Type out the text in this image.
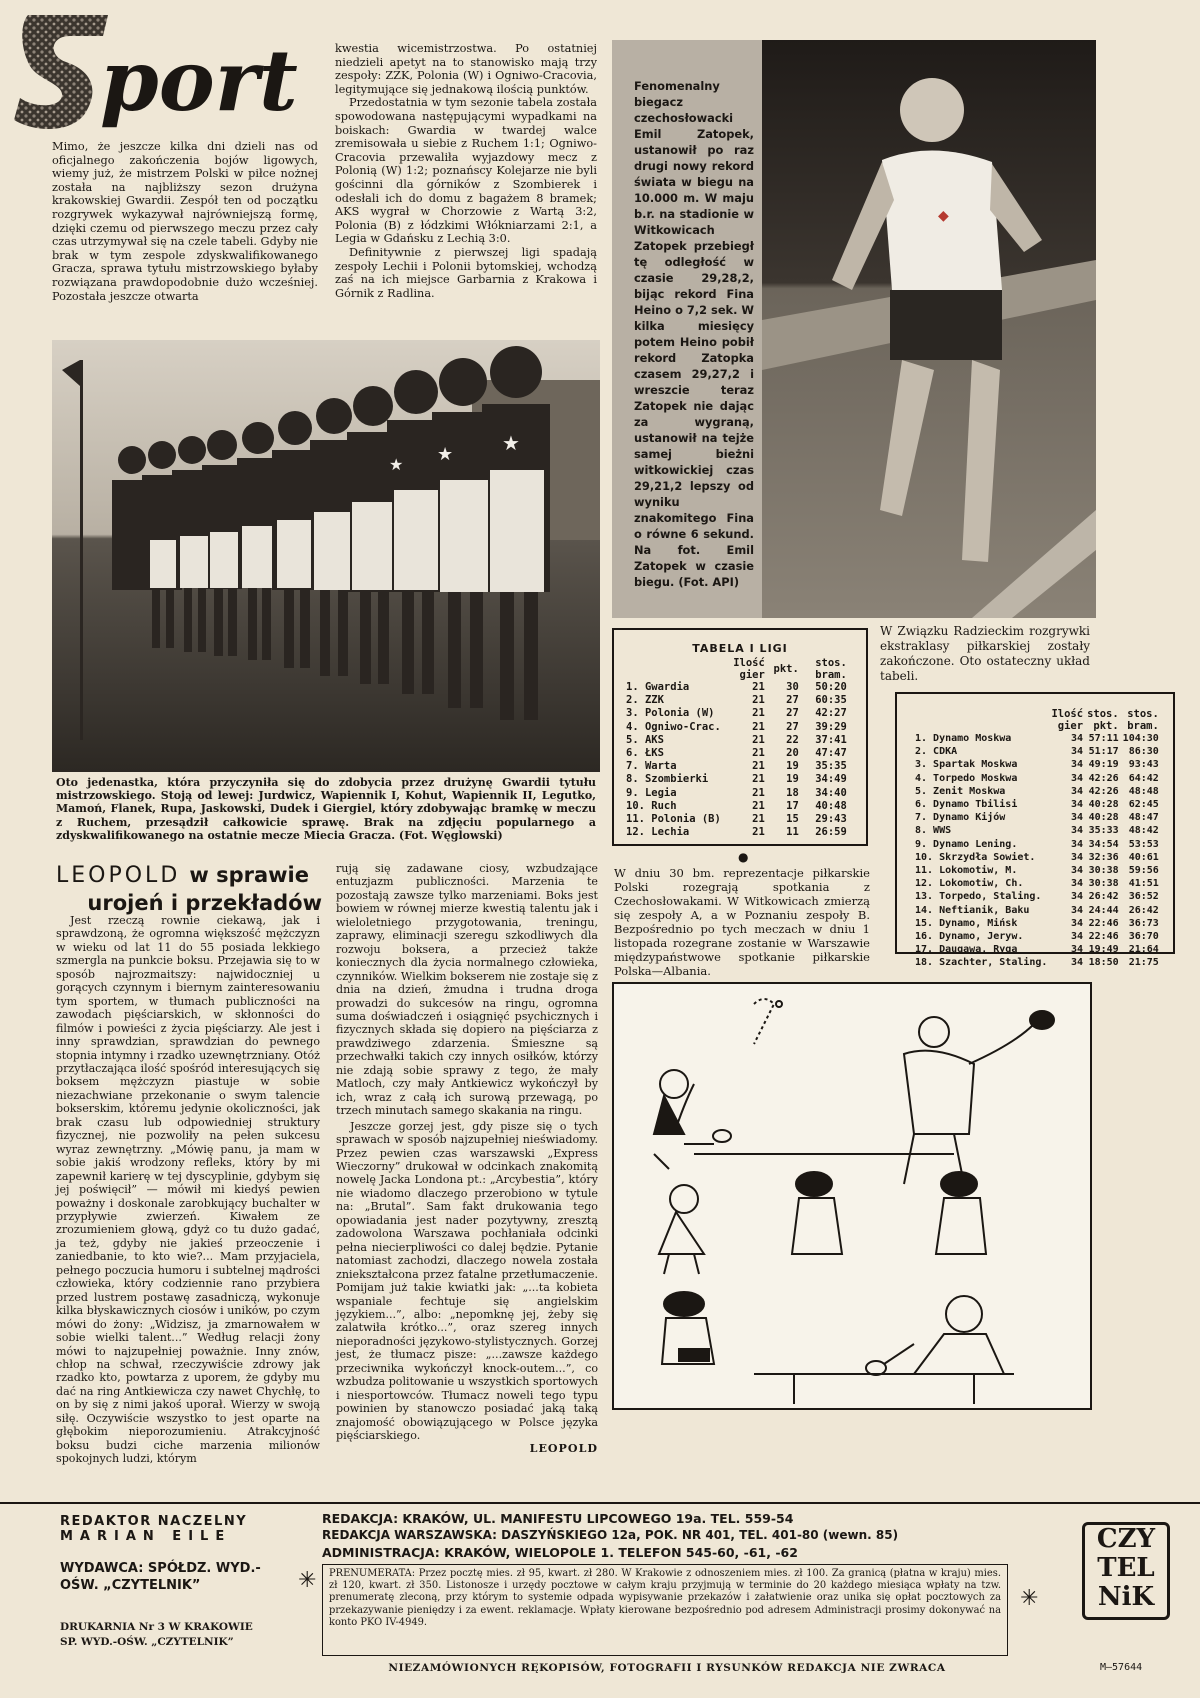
port
Mimo, że jeszcze kilka dni dzieli nas od oficjalnego zakończenia bojów ligowych, wiemy już, że mistrzem Polski w piłce nożnej została na najbliższy sezon drużyna krakowskiej Gwardii. Zespół ten od początku rozgrywek wykazywał najrówniejszą formę, dzięki czemu od pierwszego meczu przez cały czas utrzymywał się na czele tabeli. Gdyby nie brak w tym zespole zdyskwalifikowanego Gracza, sprawa tytułu mistrzowskiego byłaby rozwiązana prawdopodobnie dużo wcześniej. Pozostała jeszcze otwarta
kwestia wicemistrzostwa. Po ostatniej niedzieli apetyt na to stanowisko mają trzy zespoły: ZZK, Polonia (W) i Ogniwo-Cracovia, legitymujące się jednakową ilością punktów.

Przedostatnia w tym sezonie tabela została spowodowana następującymi wypadkami na boiskach: Gwardia w twardej walce zremisowała u siebie z Ruchem 1:1; Ogniwo-Cracovia przewaliła wyjazdowy mecz z Polonią (W) 1:2; poznańscy Kolejarze nie byli gościnni dla górników z Szombierek i odesłali ich do domu z bagażem 8 bramek; AKS wygrał w Chorzowie z Wartą 3:2, Polonia (B) z łódzkimi Włókniarzami 2:1, a Legia w Gdańsku z Lechią 3:0.

Definitywnie z pierwszej ligi spadają zespoły Lechii i Polonii bytomskiej, wchodzą zaś na ich miejsce Garbarnia z Krakowa i Górnik z Radlina.

★ ★ ★
Oto jedenastka, która przyczyniła się do zdobycia przez drużynę Gwardii tytułu mistrzowskiego. Stoją od lewej: Jurdwicz, Wapiennik I, Kohut, Wapiennik II, Legutko, Mamoń, Flanek, Rupa, Jaskowski, Dudek i Giergiel, który zdobywając bramkę w meczu z Ruchem, przesądził całkowicie sprawę. Brak na zdjęciu popularnego a zdyskwalifikowanego na ostatnie mecze Miecia Gracza. (Fot. Węglowski)
Fenomenalny biegacz czechosłowacki Emil Zatopek, ustanowił po raz drugi nowy rekord świata w biegu na 10.000 m. W maju b.r. na stadionie w Witkowicach Zatopek przebiegł tę odległość w czasie 29,28,2, bijąc rekord Fina Heino o 7,2 sek. W kilka miesięcy potem Heino pobił rekord Zatopka czasem 29,27,2 i wreszcie teraz Zatopek nie dając za wygraną, ustanowił na tejże samej bieżni witkowickiej czas 29,21,2 lepszy od wyniku znakomitego Fina o równe 6 sekund. Na fot. Emil Zatopek w czasie biegu. (Fot. API)
◆
TABELA I LIGI
	Ilość gier	pkt.	stos. bram.
1. Gwardia	21	30	50:20
2. ZZK	21	27	60:35
3. Polonia (W)	21	27	42:27
4. Ogniwo-Crac.	21	27	39:29
5. AKS	21	22	37:41
6. ŁKS	21	20	47:47
7. Warta	21	19	35:35
8. Szombierki	21	19	34:49
9. Legia	21	18	34:40
10. Ruch	21	17	40:48
11. Polonia (B)	21	15	29:43
12. Lechia	21	11	26:59
W Związku Radzieckim rozgrywki ekstraklasy piłkarskiej zostały zakończone. Oto ostateczny układ tabeli.
	Ilość	stos.	stos.
	gier	pkt.	bram.
1. Dynamo Moskwa	34	57:11	104:30
2. CDKA	34	51:17	86:30
3. Spartak Moskwa	34	49:19	93:43
4. Torpedo Moskwa	34	42:26	64:42
5. Zenit Moskwa	34	42:26	48:48
6. Dynamo Tbilisi	34	40:28	62:45
7. Dynamo Kijów	34	40:28	48:47
8. WWS	34	35:33	48:42
9. Dynamo Lening.	34	34:54	53:53
10. Skrzydła Sowiet.	34	32:36	40:61
11. Lokomotiw, M.	34	30:38	59:56
12. Lokomotiw, Ch.	34	30:38	41:51
13. Torpedo, Staling.	34	26:42	36:52
14. Neftianik, Baku	34	24:44	26:42
15. Dynamo, Mińsk	34	22:46	36:73
16. Dynamo, Jeryw.	34	22:46	36:70
17. Daugawa, Ryga	34	19:49	21:64
18. Szachter, Staling.	34	18:50	21:75
●
W dniu 30 bm. reprezentacje piłkarskie Polski rozegrają spotkania z Czechosłowakami. W Witkowicach zmierzą się zespoły A, a w Poznaniu zespoły B. Bezpośrednio po tych meczach w dniu 1 listopada rozegrane zostanie w Warszawie międzypaństwowe spotkanie piłkarskie Polska—Albania.
LEOPOLD w sprawie
urojeń i przekładów

Jest rzeczą rownie ciekawą, jak i sprawdzoną, że ogromna większość mężczyzn w wieku od lat 11 do 55 posiada lekkiego szmergla na punkcie boksu. Przejawia się to w sposób najrozmaitszy: najwidoczniej u gorących czynnym i biernym zainteresowaniu tym sportem, w tłumach publiczności na zawodach pięściarskich, w skłonności do filmów i powieści z życia pięściarzy. Ale jest i inny sprawdzian, sprawdzian do pewnego stopnia intymny i rzadko uzewnętrzniany. Otóż przytłaczająca ilość spośród interesujących się boksem mężczyzn piastuje w sobie niezachwiane przekonanie o swym talencie bokserskim, któremu jedynie okoliczności, jak brak czasu lub odpowiedniej struktury fizycznej, nie pozwoliły na pełen sukcesu wyraz zewnętrzny. „Mówię panu, ja mam w sobie jakiś wrodzony refleks, który by mi zapewnił karierę w tej dyscyplinie, gdybym się jej poświęcił” — mówił mi kiedyś pewien poważny i doskonale zarobkujący buchalter w przypływie zwierzeń. Kiwałem ze zrozumieniem głową, gdyż co tu dużo gadać, ja też, gdyby nie jakieś przeoczenie i zaniedbanie, to kto wie?... Mam przyjaciela, pełnego poczucia humoru i subtelnej mądrości człowieka, który codziennie rano przybiera przed lustrem postawę zasadniczą, wykonuje kilka błyskawicznych ciosów i uników, po czym mówi do żony: „Widzisz, ja zmarnowałem w sobie wielki talent...” Według relacji żony mówi to najzupełniej poważnie. Inny znów, chłop na schwał, rzeczywiście zdrowy jak rzadko kto, powtarza z uporem, że gdyby mu dać na ring Antkiewicza czy nawet Chychłę, to on by się z nimi jakoś uporał. Wierzy w swoją siłę. Oczywiście wszystko to jest oparte na głębokim nieporozumieniu. Atrakcyjność boksu budzi ciche marzenia milionów spokojnych ludzi, którym

rują się zadawane ciosy, wzbudzające entuzjazm publiczności. Marzenia te pozostają zawsze tylko marzeniami. Boks jest bowiem w równej mierze kwestią talentu jak i wieloletniego przygotowania, treningu, zaprawy, eliminacji szeregu szkodliwych dla rozwoju boksera, a przecież także koniecznych dla życia normalnego człowieka, czynników. Wielkim bokserem nie zostaje się z dnia na dzień, żmudna i trudna droga prowadzi do sukcesów na ringu, ogromna suma doświadczeń i osiągnięć psychicznych i fizycznych składa się dopiero na pięściarza z prawdziwego zdarzenia. Śmieszne są przechwałki takich czy innych osiłków, którzy nie zdają sobie sprawy z tego, że mały Matloch, czy mały Antkiewicz wykończył by ich, wraz z całą ich surową przewagą, po trzech minutach samego skakania na ringu.

Jeszcze gorzej jest, gdy pisze się o tych sprawach w sposób najzupełniej nieświadomy. Przez pewien czas warszawski „Express Wieczorny” drukował w odcinkach znakomitą nowelę Jacka Londona pt.: „Arcybestia”, który nie wiadomo dlaczego przerobiono w tytule na: „Brutal”. Sam fakt drukowania tego opowiadania jest nader pozytywny, zresztą zadowolona Warszawa pochłaniała odcinki pełna niecierpliwości co dalej będzie. Pytanie natomiast zachodzi, dlaczego nowela została zniekształcona przez fatalne przetłumaczenie. Pomijam już takie kwiatki jak: „...ta kobieta wspaniale fechtuje się angielskim językiem...”, albo: „nepomknę jej, żeby się zalatwiła krótko...”, oraz szereg innych nieporadności językowo-stylistycznych. Gorzej jest, że tłumacz pisze: „...zawsze każdego przeciwnika wykończył knock-outem...”, co wzbudza politowanie u wszystkich sportowych i niesportowców. Tłumacz noweli tego typu powinien by stanowczo posiadać jaką taką znajomość obowiązującego w Polsce języka pięściarskiego.

LEOPOLD
REDAKTOR NACZELNY
MARIAN EILE
WYDAWCA: SPÓŁDZ. WYD.-
OŚW. „CZYTELNIK”	✳
DRUKARNIA Nr 3 W KRAKOWIE
SP. WYD.-OŚW. „CZYTELNIK”
REDAKCJA: KRAKÓW, UL. MANIFESTU LIPCOWEGO 19a. TEL. 559-54
REDAKCJA WARSZAWSKA: DASZYŃSKIEGO 12a, POK. NR 401, TEL. 401-80 (wewn. 85)
ADMINISTRACJA: KRAKÓW, WIELOPOLE 1. TELEFON 545-60, -61, -62
PRENUMERATA: Przez pocztę mies. zł 95, kwart. zł 280. W Krakowie z odnoszeniem mies. zł 100. Za granicą (płatna w kraju) mies. zł 120, kwart. zł 350. Listonosze i urzędy pocztowe w całym kraju przyjmują w terminie do 20 każdego miesiąca wpłaty na tzw. prenumeratę zleconą, przy którym to systemie odpada wypisywanie przekazów i załatwienie oraz unika się opłat pocztowych za przekazywanie pieniędzy i za ewent. reklamacje. Wpłaty kierowane bezpośrednio pod adresem Administracji prosimy dokonywać na konto PKO IV-4949.
NIEZAMÓWIONYCH RĘKOPISÓW, FOTOGRAFII I RYSUNKÓW REDAKCJA NIE ZWRACA
✳
CZY
TEL
NiK
M—57644
